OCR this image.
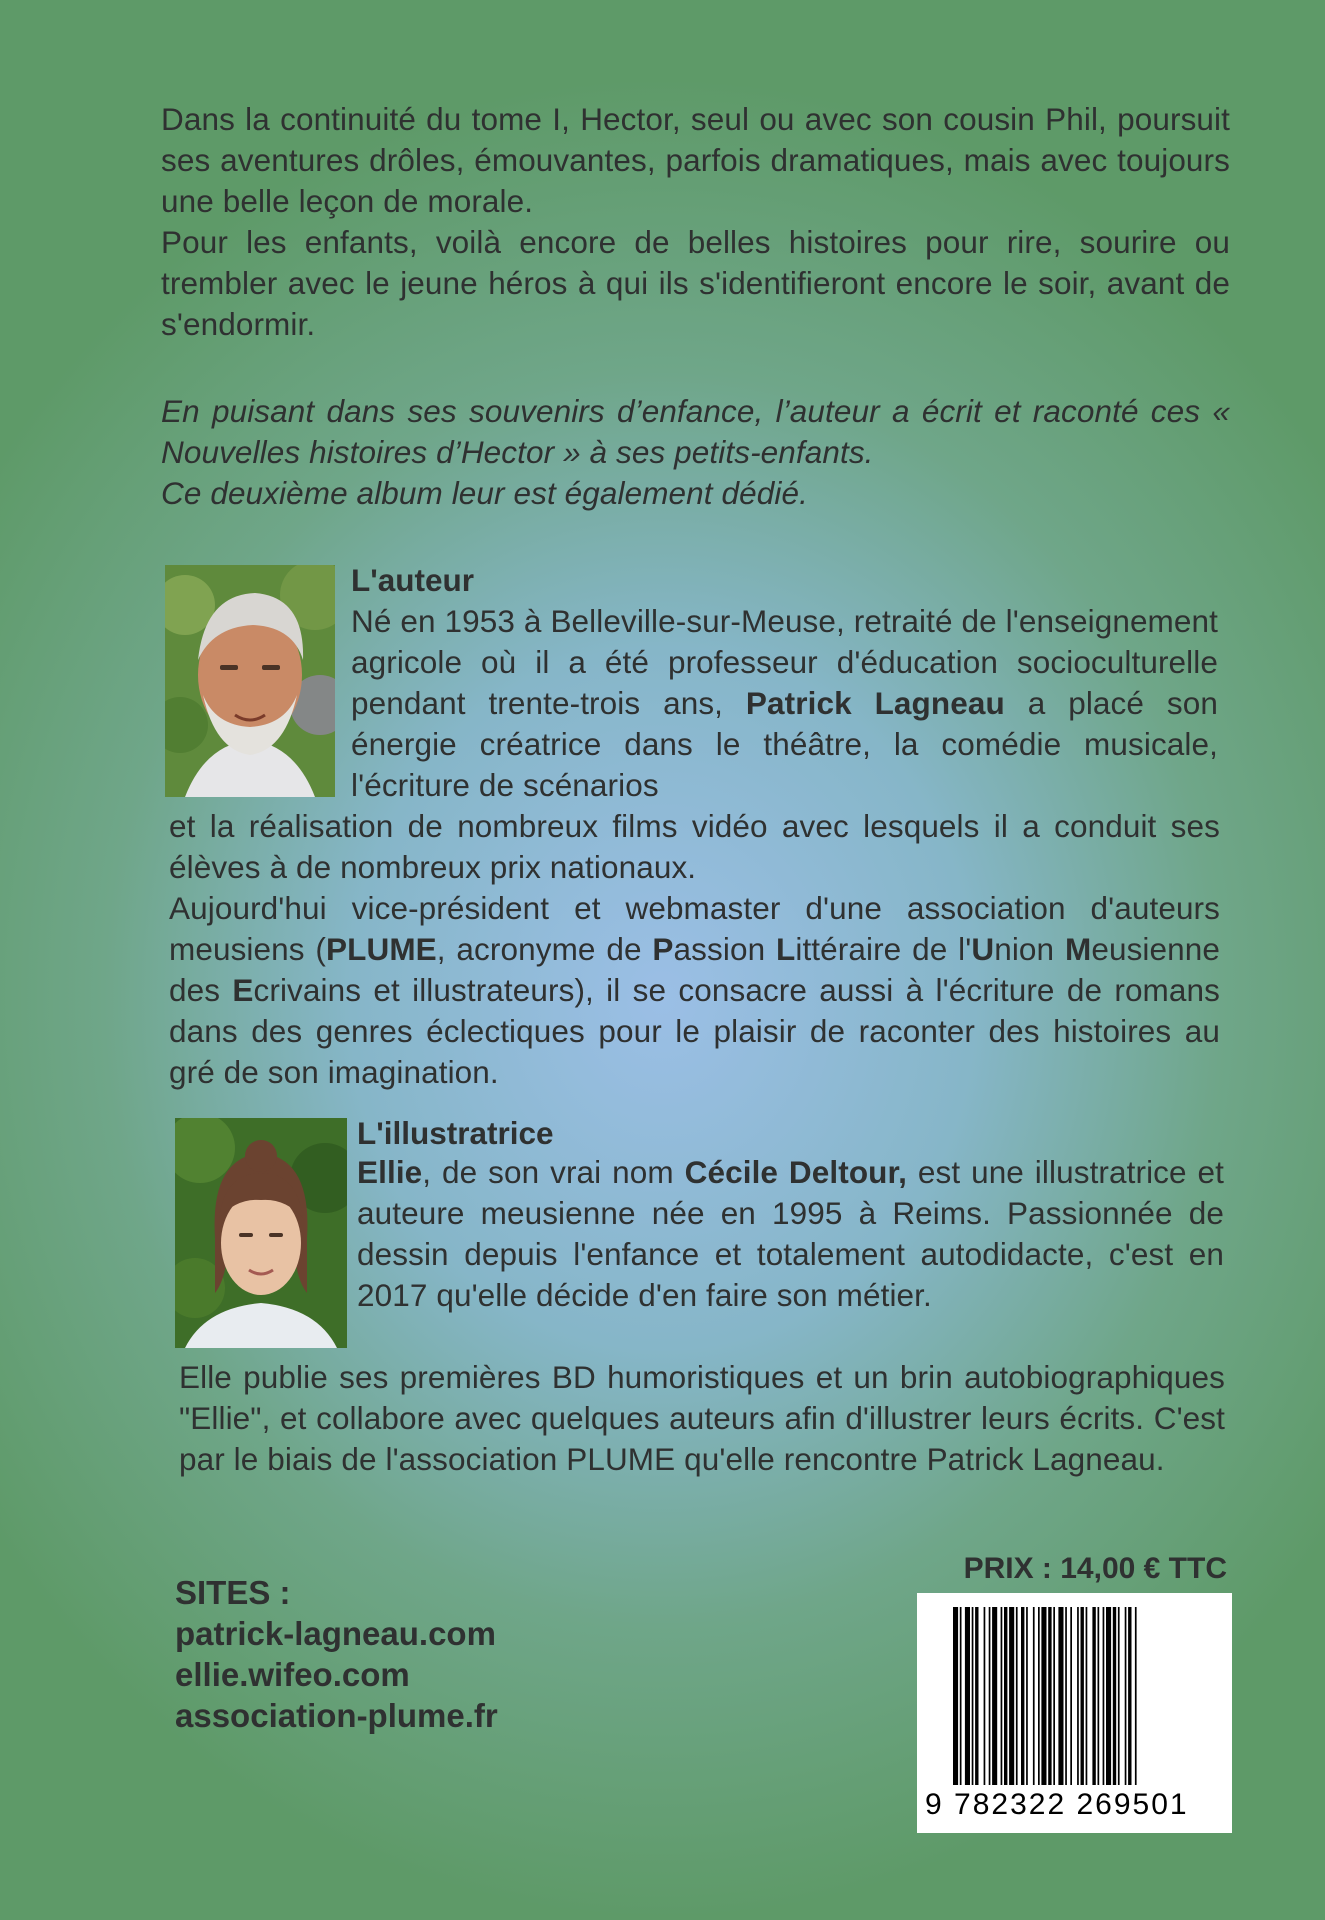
Dans la continuité du tome I, Hector, seul ou avec son cousin Phil, poursuit ses aventures drôles, émouvantes, parfois dramatiques, mais avec toujours une belle leçon de morale.

Pour les enfants, voilà encore de belles histoires pour rire, sourire ou trembler avec le jeune héros à qui ils s'identifieront encore le soir, avant de s'endormir.

En puisant dans ses souvenirs d’enfance, l’auteur a écrit et raconté ces « Nouvelles histoires d’Hector » à ses petits-enfants.

Ce deuxième album leur est également dédié.

L'auteur
Né en 1953 à Belleville-sur-Meuse, retraité de l'enseignement agricole où il a été professeur d'éducation socioculturelle pendant trente-trois ans, Patrick Lagneau a placé son énergie créatrice dans le théâtre, la comédie musicale, l'écriture de scénarios
et la réalisation de nombreux films vidéo avec lesquels il a conduit ses élèves à de nombreux prix nationaux.
Aujourd'hui vice-président et webmaster d'une association d'auteurs meusiens (PLUME, acronyme de Passion Littéraire de l'Union Meusienne des Ecrivains et illustrateurs), il se consacre aussi à l'écriture de romans dans des genres éclectiques pour le plaisir de raconter des histoires au gré de son imagination.
L'illustratrice
Ellie, de son vrai nom Cécile Deltour, est une illustratrice et auteure meusienne née en 1995 à Reims. Passionnée de dessin depuis l'enfance et totalement autodidacte, c'est en 2017 qu'elle décide d'en faire son métier.
Elle publie ses premières BD humoristiques et un brin autobiographiques "Ellie", et collabore avec quelques auteurs afin d'illustrer leurs écrits. C'est par le biais de l'association PLUME qu'elle rencontre Patrick Lagneau.
SITES :
patrick-lagneau.com
ellie.wifeo.com
association-plume.fr
PRIX : 14,00 € TTC
9 782322 269501
